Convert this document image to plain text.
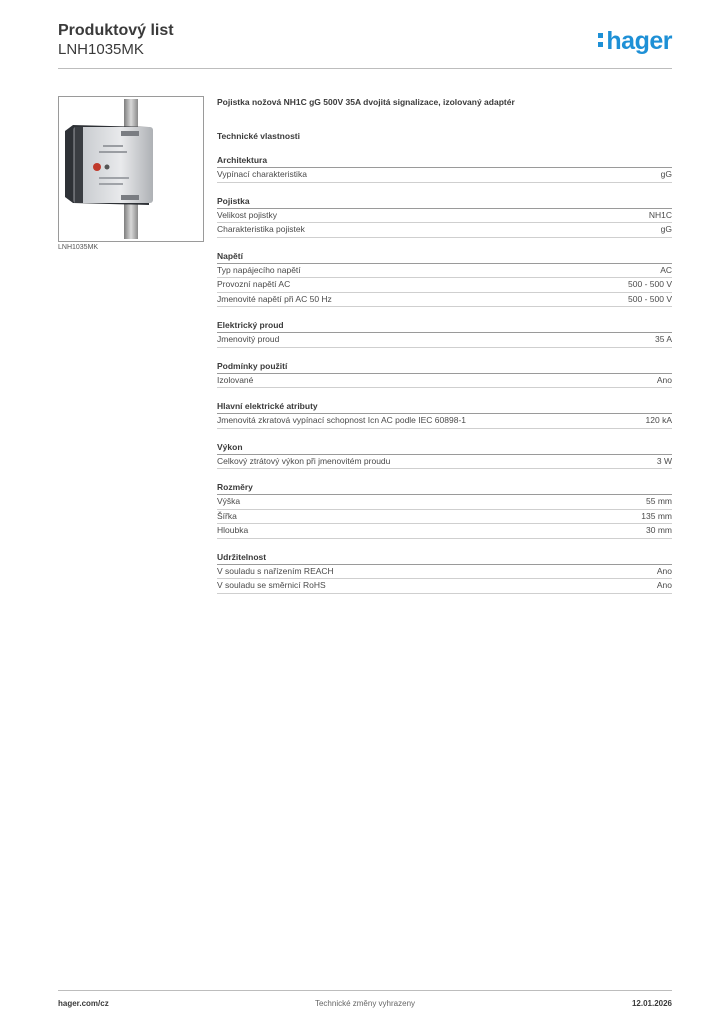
Produktový list
LNH1035MK	hager
LNH1035MK
Pojistka nožová NH1C gG 500V 35A dvojitá signalizace, izolovaný adaptér
Technické vlastnosti
Architektura
Vypínací charakteristika	gG
Pojistka
Velikost pojistky	NH1C
Charakteristika pojistek	gG
Napětí
Typ napájecího napětí	AC
Provozní napětí AC	500 - 500 V
Jmenovité napětí při AC 50 Hz	500 - 500 V
Elektrický proud
Jmenovitý proud	35 A
Podmínky použití
Izolované	Ano
Hlavní elektrické atributy
Jmenovitá zkratová vypínací schopnost Icn AC podle IEC 60898-1	120 kA
Výkon
Celkový ztrátový výkon při jmenovitém proudu	3 W
Rozměry
Výška	55 mm
Šířka	135 mm
Hloubka	30 mm
Udržitelnost
V souladu s nařízením REACH	Ano
V souladu se směrnicí RoHS	Ano
hager.com/cz	Technické změny vyhrazeny	12.01.2026
